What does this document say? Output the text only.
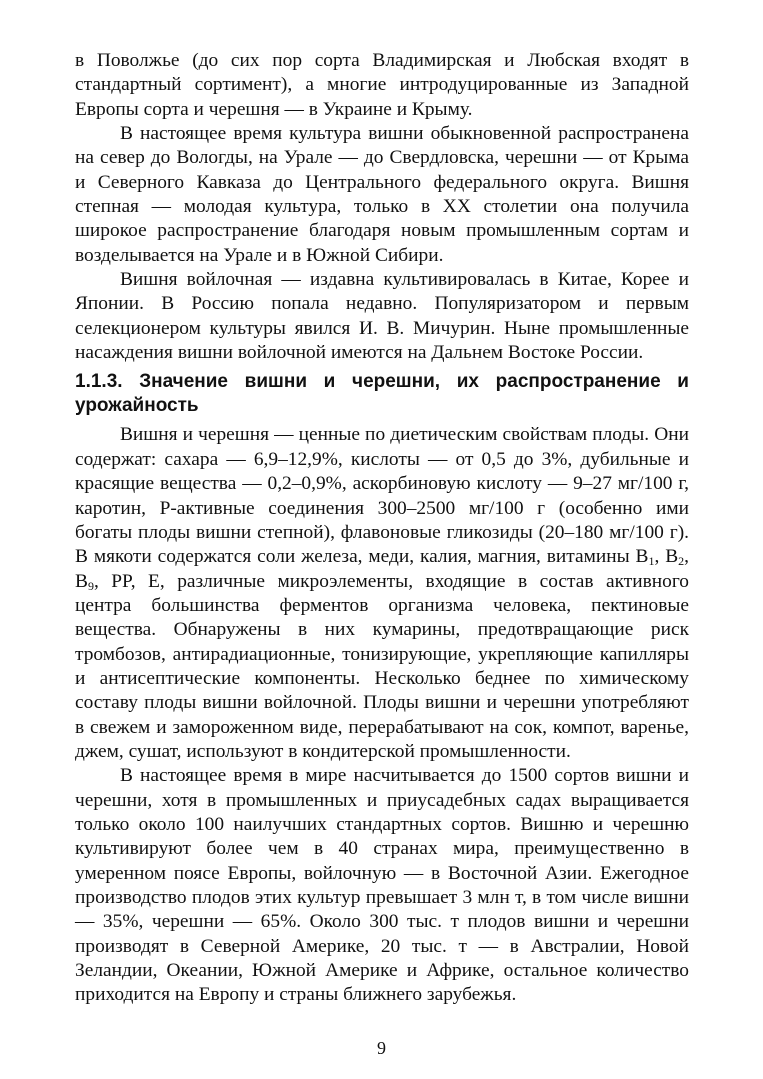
в Поволжье (до сих пор сорта Владимирская и Любская входят в стандартный сортимент), а многие интродуцированные из Западной Европы сорта и черешня — в Украине и Крыму.

В настоящее время культура вишни обыкновенной распространена на север до Вологды, на Урале — до Свердловска, черешни — от Крыма и Северного Кавказа до Центрального федерального округа. Вишня степная — молодая культура, только в XX столетии она получила широкое распространение благодаря новым промышленным сортам и возделывается на Урале и в Южной Сибири.

Вишня войлочная — издавна культивировалась в Китае, Корее и Японии. В Россию попала недавно. Популяризатором и первым селекционером культуры явился И. В. Мичурин. Ныне промышленные насаждения вишни войлочной имеются на Дальнем Востоке России.

1.1.3. Значение вишни и черешни, их распространение и урожайность

Вишня и черешня — ценные по диетическим свойствам плоды. Они содержат: сахара — 6,9–12,9%, кислоты — от 0,5 до 3%, дубильные и красящие вещества — 0,2–0,9%, аскорбиновую кислоту — 9–27 мг/100 г, каротин, Р-активные соединения 300–2500 мг/100 г (особенно ими богаты плоды вишни степной), флавоновые гликозиды (20–180 мг/100 г). В мякоти содержатся соли железа, меди, калия, магния, витамины $B_1$, $B_2$, $B_9$, PP, E, различные микроэлементы, входящие в состав активного центра большинства ферментов организма человека, пектиновые вещества. Обнаружены в них кумарины, предотвращающие риск тромбозов, антирадиационные, тонизирующие, укрепляющие капилляры и антисептические компоненты. Несколько беднее по химическому составу плоды вишни войлочной. Плоды вишни и черешни употребляют в свежем и замороженном виде, перерабатывают на сок, компот, варенье, джем, сушат, используют в кондитерской промышленности.

В настоящее время в мире насчитывается до 1500 сортов вишни и черешни, хотя в промышленных и приусадебных садах выращивается только около 100 наилучших стандартных сортов. Вишню и черешню культивируют более чем в 40 странах мира, преимущественно в умеренном поясе Европы, войлочную — в Восточной Азии. Ежегодное производство плодов этих культур превышает 3 млн т, в том числе вишни — 35%, черешни — 65%. Около 300 тыс. т плодов вишни и черешни производят в Северной Америке, 20 тыс. т — в Австралии, Новой Зеландии, Океании, Южной Америке и Африке, остальное количество приходится на Европу и страны ближнего зарубежья.

9
